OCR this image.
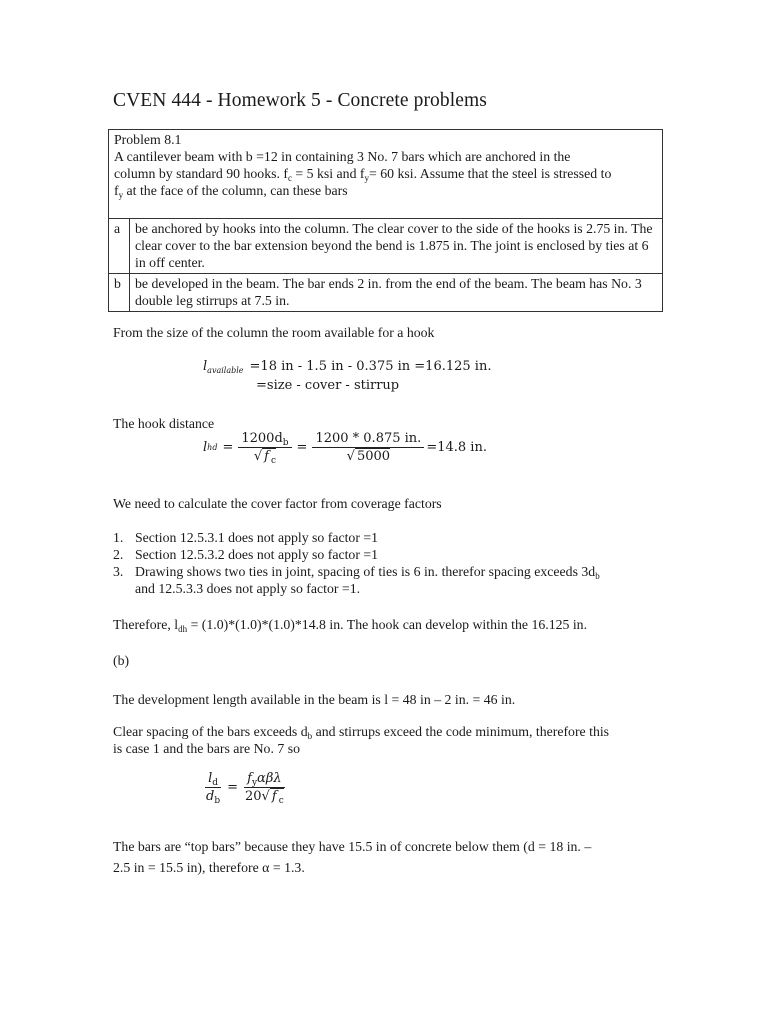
CVEN 444 - Homework 5 - Concrete problems
Problem 8.1
A cantilever beam with b =12 in containing 3 No. 7 bars which are anchored in the
column by standard 90 hooks. $f_c = 5$ ksi and $f_y= 60$ ksi. Assume that the steel is stressed to
$f_y$ at the face of the column, can these bars	

a	be anchored by hooks into the column. The clear cover to the side of the hooks is 2.75 in. The clear cover to the bar extension beyond the bend is 1.875 in. The joint is enclosed by ties at 6 in off center.
b	be developed in the beam. The bar ends 2 in. from the end of the beam. The beam has No. 3 double leg stirrups at 7.5 in.
From the size of the column the room available for a hook
$l_{available} =18$ in - 1.5 in - 0.375 in =16.125 in.
=size - cover - stirrup
The hook distance
l hd = $\frac{1200d_b}{√ f'_c} = \frac{1200 * 0.875 in.}{√ 5000} =14.8$ in.
We need to calculate the cover factor from coverage factors
1. Section 12.5.3.1 does not apply so factor =1
2. Section 12.5.3.2 does not apply so factor =1
3. Drawing shows two ties in joint, spacing of ties is 6 in. therefor spacing exceeds $3d_b$
and 12.5.3.3 does not apply so factor =1.
Therefore, $l_{dh} = (1.0)*(1.0)*(1.0)*14.8$ in. The hook can develop within the 16.125 in.
(b)
The development length available in the beam is l = 48 in – 2 in. = 46 in.
Clear spacing of the bars exceeds $d_b$ and stirrups exceed the code minimum, therefore this
is case 1 and the bars are No. 7 so
$\frac{l_d}{d_b} = \frac{f_y\alpha\beta\lambda}{20√ f'_c}$
The bars are “top bars” because they have 15.5 in of concrete below them (d = 18 in. –
2.5 in = 15.5 in), therefore α = 1.3.
